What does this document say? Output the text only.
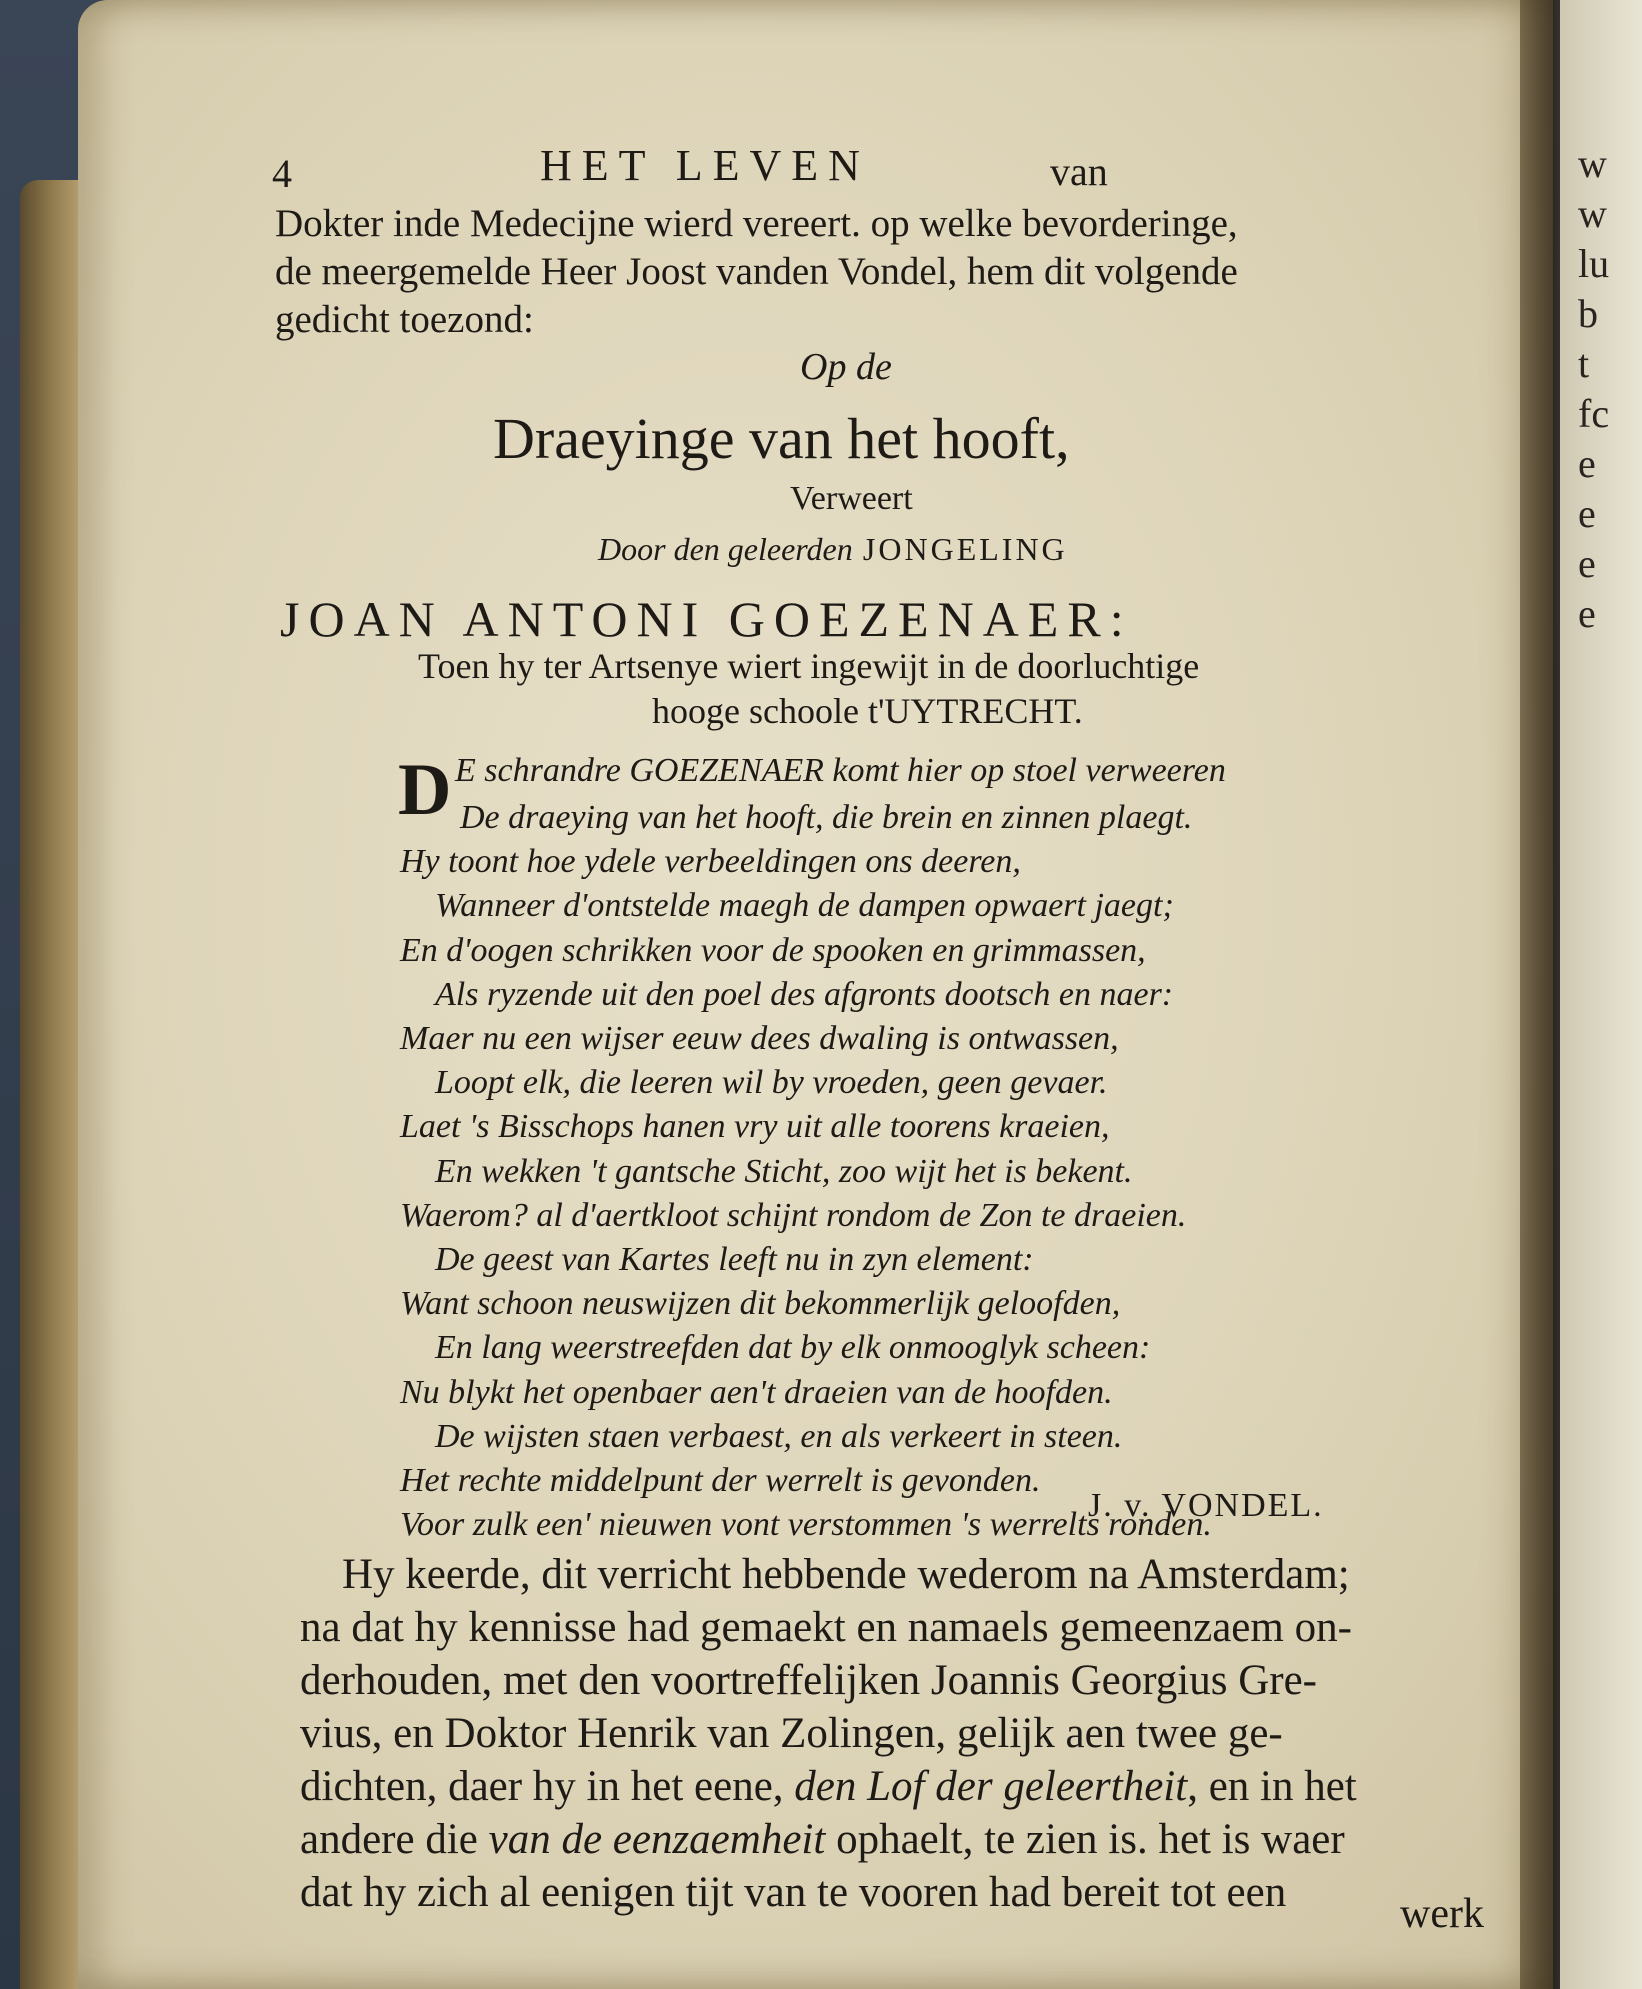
w
w
lu
b
t
fc
e
e
e
e
4	HET LEVEN	van
Dokter inde Medecijne wierd vereert. op welke bevorderinge,
de meergemelde Heer Joost vanden Vondel, hem dit volgende
gedicht toezond:
Op de
Draeyinge van het hooft,
Verweert
Door den geleerden JONGELING
JOAN ANTONI GOEZENAER:
Toen hy ter Artsenye wiert ingewijt in de doorluchtige
hooge schoole t'UYTRECHT.
D E schrandre GOEZENAER komt hier op stoel verweeren
De draeying van het hooft, die brein en zinnen plaegt.
Hy toont hoe ydele verbeeldingen ons deeren,
Wanneer d'ontstelde maegh de dampen opwaert jaegt;
En d'oogen schrikken voor de spooken en grimmassen,
Als ryzende uit den poel des afgronts dootsch en naer:
Maer nu een wijser eeuw dees dwaling is ontwassen,
Loopt elk, die leeren wil by vroeden, geen gevaer.
Laet 's Bisschops hanen vry uit alle toorens kraeien,
En wekken 't gantsche Sticht, zoo wijt het is bekent.
Waerom? al d'aertkloot schijnt rondom de Zon te draeien.
De geest van Kartes leeft nu in zyn element:
Want schoon neuswijzen dit bekommerlijk geloofden,
En lang weerstreefden dat by elk onmooglyk scheen:
Nu blykt het openbaer aen't draeien van de hoofden.
De wijsten staen verbaest, en als verkeert in steen.
Het rechte middelpunt der werrelt is gevonden.
Voor zulk een' nieuwen vont verstommen 's werrelts ronden.
J. v. VONDEL.
Hy keerde, dit verricht hebbende wederom na Amsterdam;
na dat hy kennisse had gemaekt en namaels gemeenzaem on-
derhouden, met den voortreffelijken Joannis Georgius Gre-
vius, en Doktor Henrik van Zolingen, gelijk aen twee ge-
dichten, daer hy in het eene, den Lof der geleertheit, en in het
andere die van de eenzaemheit ophaelt, te zien is. het is waer
dat hy zich al eenigen tijt van te vooren had bereit tot een	werk
